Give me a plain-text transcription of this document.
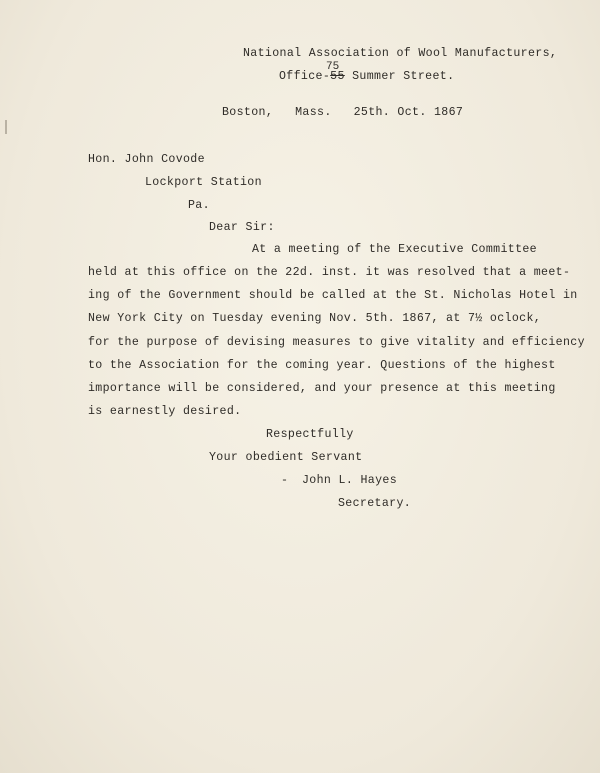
National Association of Wool Manufacturers,
75
Office-55 Summer Street.
Boston, Mass. 25th. Oct. 1867
Hon. John Covode
Lockport Station
Pa.
Dear Sir:
At a meeting of the Executive Committee
held at this office on the 22d. inst. it was resolved that a meet-
ing of the Government should be called at the St. Nicholas Hotel in
New York City on Tuesday evening Nov. 5th. 1867, at 7½ oclock,
for the purpose of devising measures to give vitality and efficiency
to the Association for the coming year. Questions of the highest
importance will be considered, and your presence at this meeting
is earnestly desired.
Respectfully
Your obedient Servant
- John L. Hayes
Secretary.
